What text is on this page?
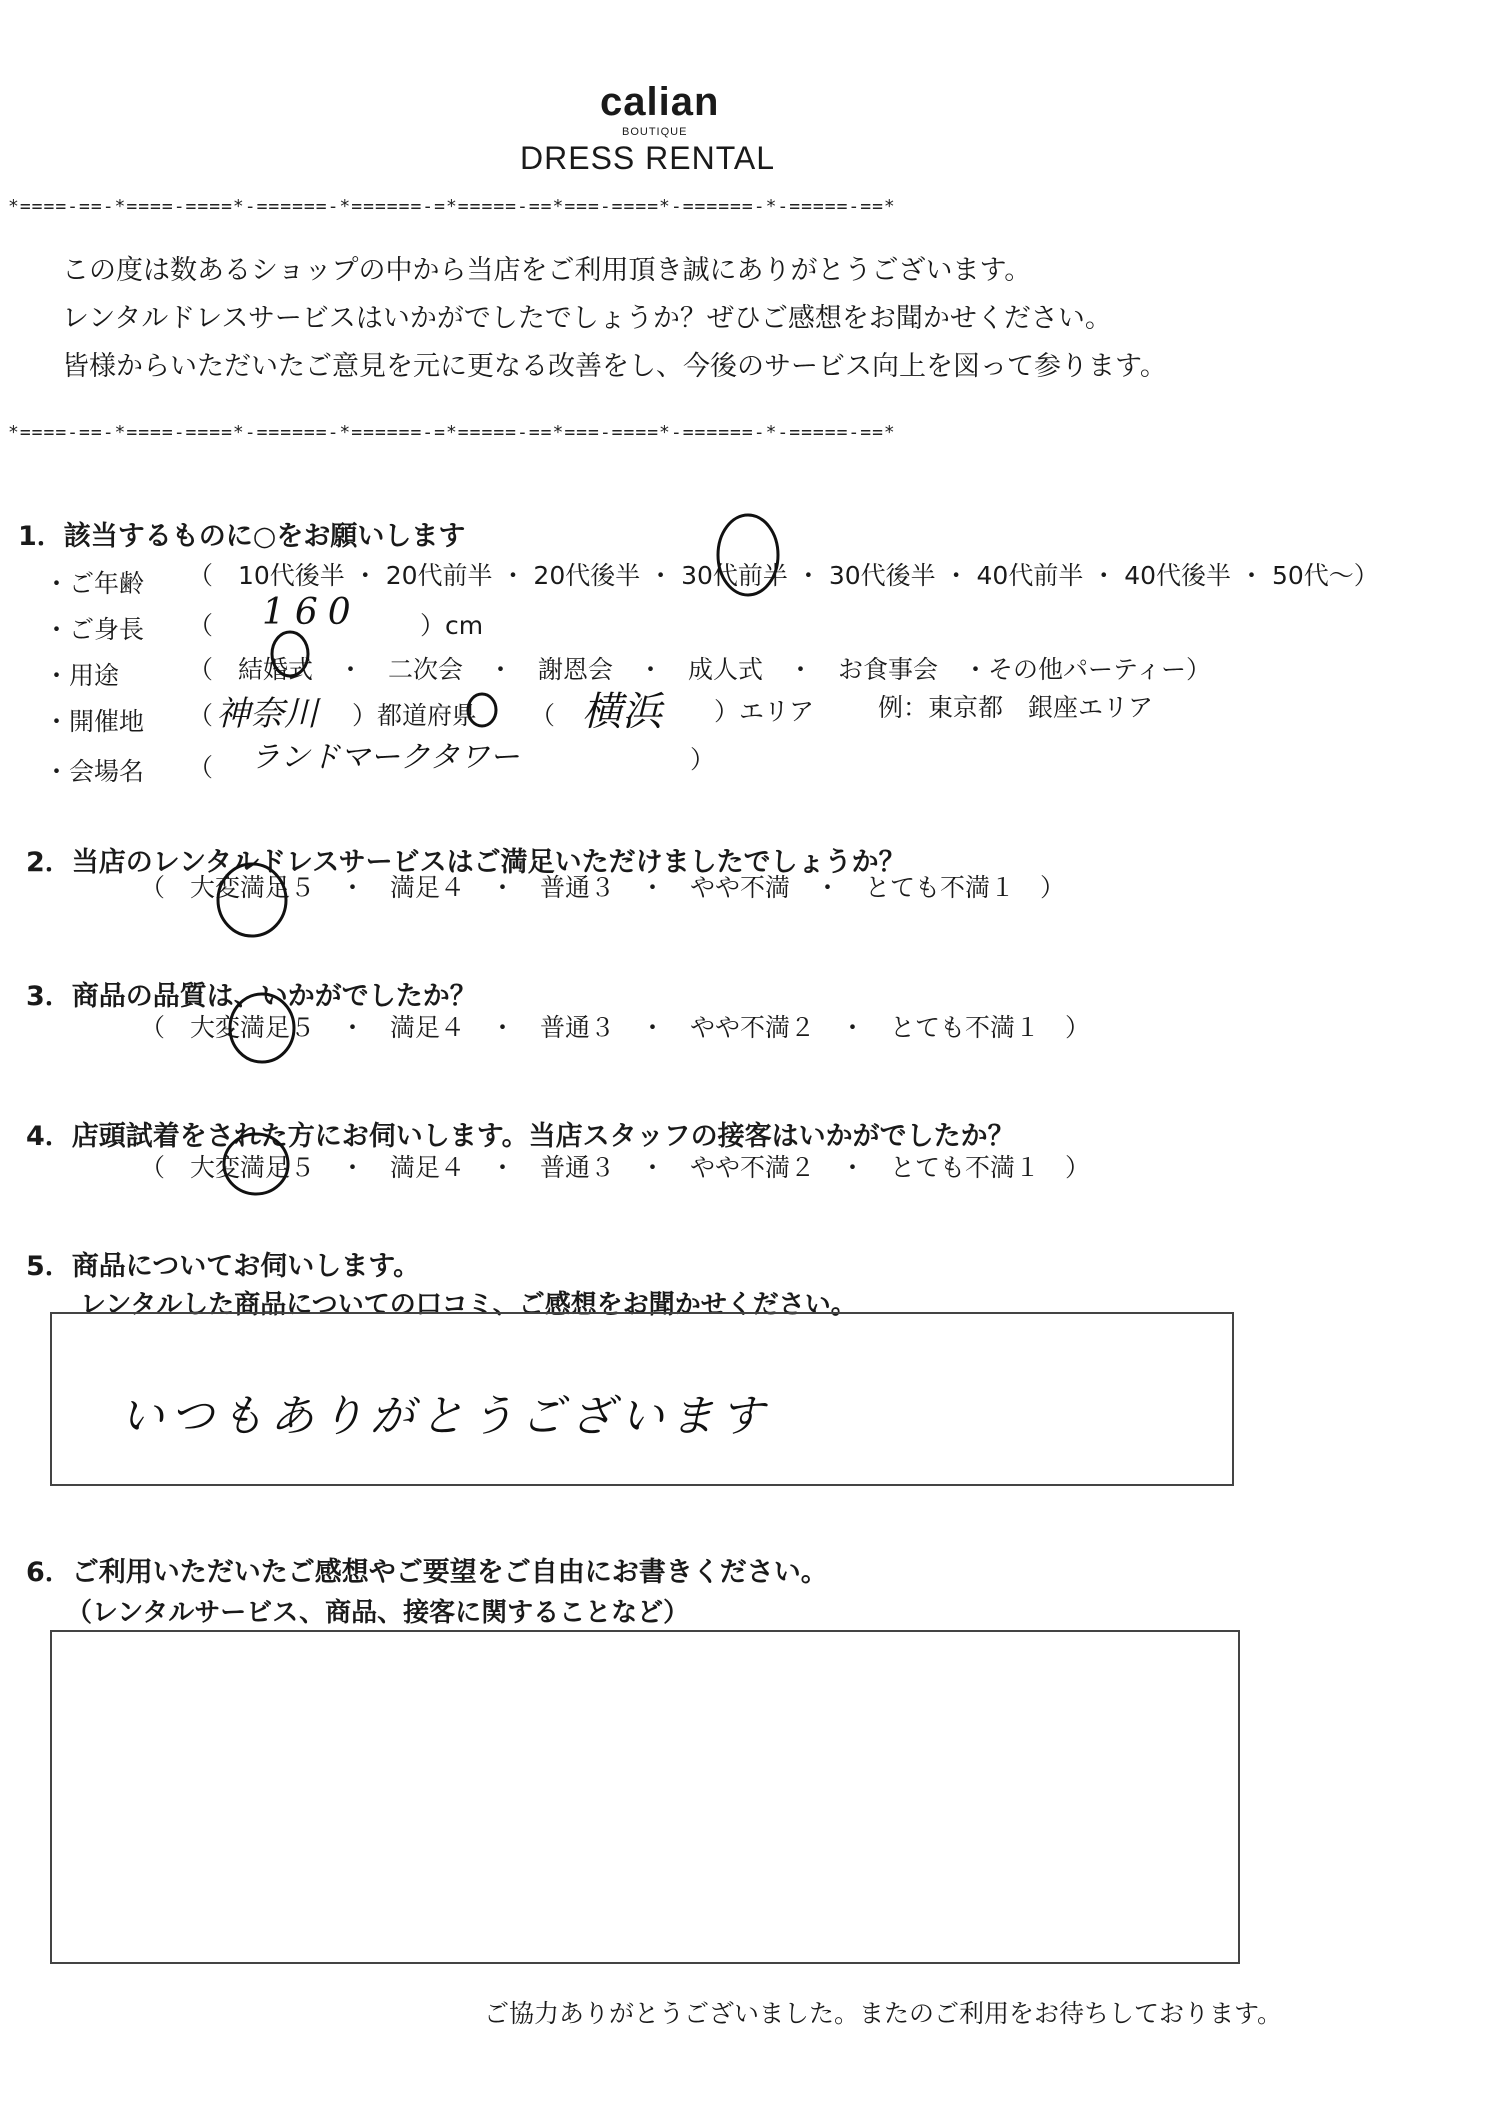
calian
BOUTIQUE
DRESS RENTAL
*====-==-*====-====*-======-*======-=*=====-==*===-====*-======-*-=====-==*
この度は数あるショップの中から当店をご利用頂き誠にありがとうございます。
レンタルドレスサービスはいかがでしたでしょうか？ぜひご感想をお聞かせください。
皆様からいただいたご意見を元に更なる改善をし、今後のサービス向上を図って参ります。
*====-==-*====-====*-======-*======-=*=====-==*===-====*-======-*-=====-==*
1．該当するものに○をお願いします
・ご年齢 （　10代後半 ・ 20代前半 ・ 20代後半 ・ 30代前半 ・ 30代後半 ・ 40代前半 ・ 40代後半 ・ 50代〜）
・ご身長 （ 160 ）cm
・用途	（　結婚式　・　二次会　・　謝恩会　・　成人式　・　お食事会　・その他パーティー）
・開催地 （ 神奈川 ）都道府県 （ 横浜 ）エリア	例：東京都　銀座エリア
・会場名 （ ランドマークタワー	）
2．当店のレンタルドレスサービスはご満足いただけましたでしょうか？
（　大変満足５　・　満足４　・　普通３　・　やや不満　・　とても不満１　）
3．商品の品質は、いかがでしたか？
（　大変満足５　・　満足４　・　普通３　・　やや不満２　・　とても不満１　）
4．店頭試着をされた方にお伺いします。当店スタッフの接客はいかがでしたか？
（　大変満足５　・　満足４　・　普通３　・　やや不満２　・　とても不満１　）
5．商品についてお伺いします。
レンタルした商品についての口コミ、ご感想をお聞かせください。
いつもありがとうございます
6．ご利用いただいたご感想やご要望をご自由にお書きください。
（レンタルサービス、商品、接客に関することなど）
ご協力ありがとうございました。またのご利用をお待ちしております。
